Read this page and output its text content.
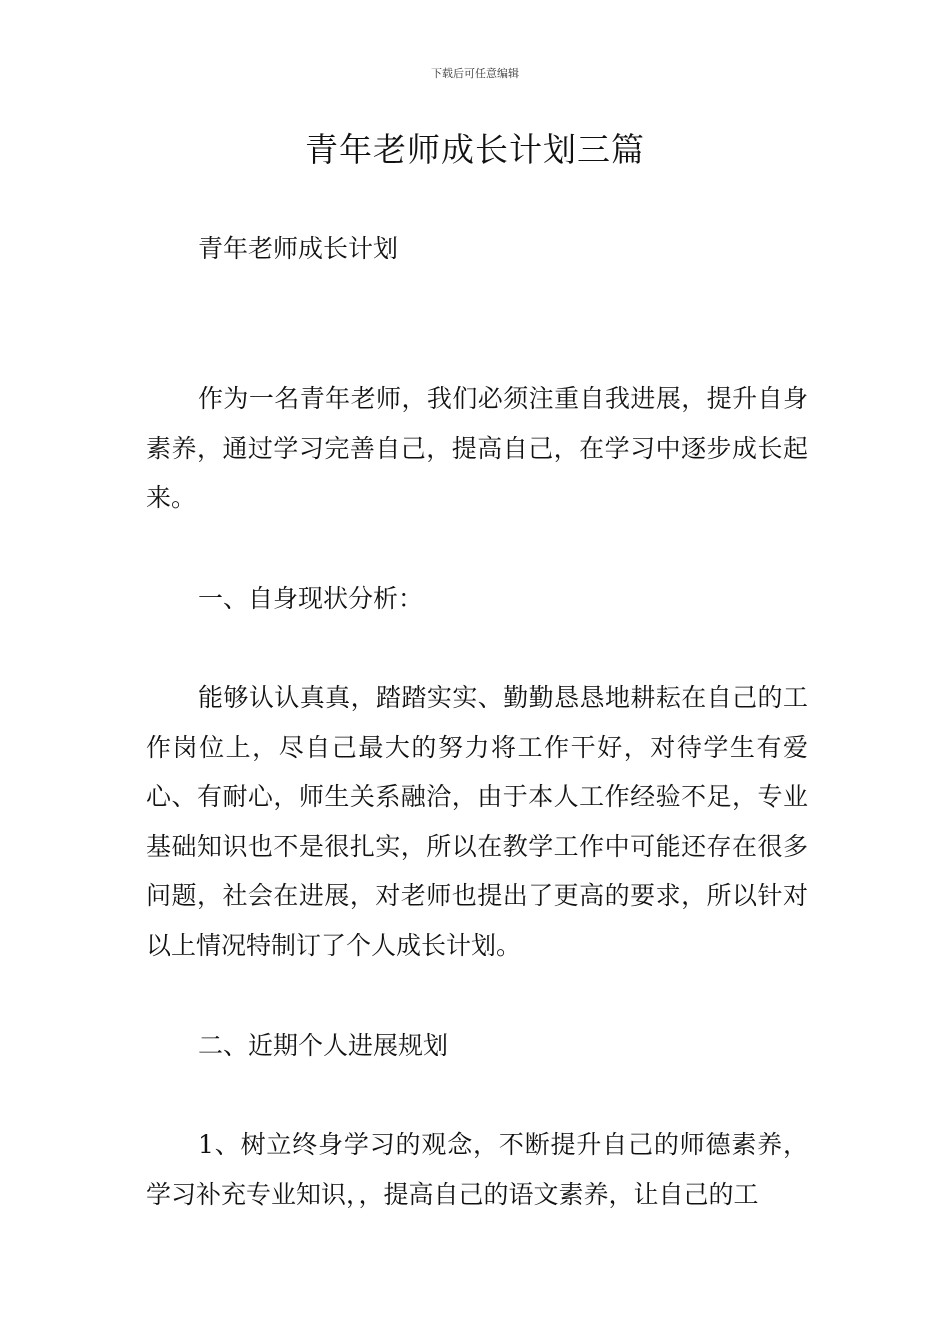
下载后可任意编辑
青年老师成长计划三篇

青年老师成长计划

作为一名青年老师，我们必须注重自我进展，提升自身素养，通过学习完善自己，提高自己，在学习中逐步成长起来。

一、自身现状分析：

能够认认真真，踏踏实实、勤勤恳恳地耕耘在自己的工作岗位上，尽自己最大的努力将工作干好，对待学生有爱心、有耐心，师生关系融洽，由于本人工作经验不足，专业基础知识也不是很扎实，所以在教学工作中可能还存在很多问题，社会在进展，对老师也提出了更高的要求，所以针对以上情况特制订了个人成长计划。

二、近期个人进展规划

1、树立终身学习的观念，不断提升自己的师德素养，学习补充专业知识，，提高自己的语文素养，让自己的工
